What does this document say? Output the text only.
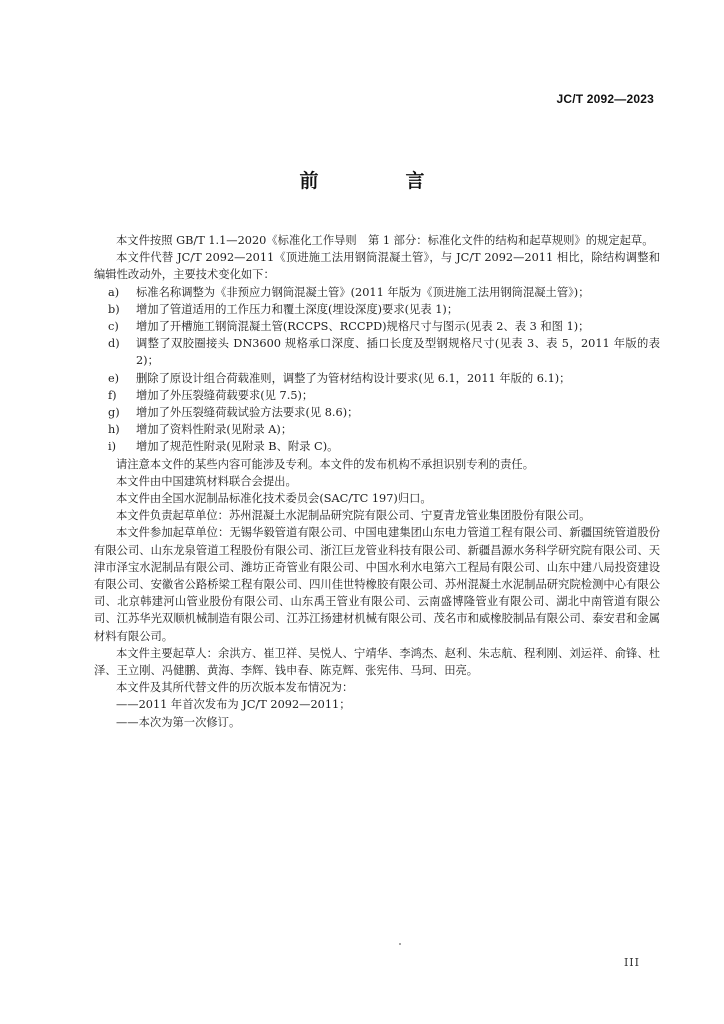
JC/T 2092—2023
前　言

本文件按照 GB/T 1.1—2020《标准化工作导则　第 1 部分：标准化文件的结构和起草规则》的规定起草。

本文件代替 JC/T 2092—2011《顶进施工法用钢筒混凝土管》，与 JC/T 2092—2011 相比，除结构调整和编辑性改动外，主要技术变化如下：

a)	标准名称调整为《非预应力钢筒混凝土管》(2011 年版为《顶进施工法用钢筒混凝土管》)；
b)	增加了管道适用的工作压力和覆土深度(埋设深度)要求(见表 1)；
c)	增加了开槽施工钢筒混凝土管(RCCPS、RCCPD)规格尺寸与图示(见表 2、表 3 和图 1)；
d)	调整了双胶圈接头 DN3600 规格承口深度、插口长度及型钢规格尺寸(见表 3、表 5，2011 年版的表 2)；
e)	删除了原设计组合荷载准则，调整了为管材结构设计要求(见 6.1，2011 年版的 6.1)；
f)	增加了外压裂缝荷载要求(见 7.5)；
g)	增加了外压裂缝荷载试验方法要求(见 8.6)；
h)	增加了资料性附录(见附录 A)；
i)	增加了规范性附录(见附录 B、附录 C)。

请注意本文件的某些内容可能涉及专利。本文件的发布机构不承担识别专利的责任。

本文件由中国建筑材料联合会提出。

本文件由全国水泥制品标准化技术委员会(SAC/TC 197)归口。

本文件负责起草单位：苏州混凝土水泥制品研究院有限公司、宁夏青龙管业集团股份有限公司。

本文件参加起草单位：无锡华毅管道有限公司、中国电建集团山东电力管道工程有限公司、新疆国统管道股份有限公司、山东龙泉管道工程股份有限公司、浙江巨龙管业科技有限公司、新疆昌源水务科学研究院有限公司、天津市泽宝水泥制品有限公司、潍坊正奇管业有限公司、中国水利水电第六工程局有限公司、山东中建八局投资建设有限公司、安徽省公路桥梁工程有限公司、四川佳世特橡胶有限公司、苏州混凝土水泥制品研究院检测中心有限公司、北京韩建河山管业股份有限公司、山东禹王管业有限公司、云南盛博隆管业有限公司、湖北中南管道有限公司、江苏华光双顺机械制造有限公司、江苏江扬建材机械有限公司、茂名市和威橡胶制品有限公司、泰安君和金属材料有限公司。

本文件主要起草人：余洪方、崔卫祥、吴悦人、宁靖华、李鸿杰、赵利、朱志航、程利刚、刘运祥、俞锋、杜泽、王立刚、冯健鹏、黄海、李辉、钱申春、陈克辉、张宪伟、马珂、田亮。

本文件及其所代替文件的历次版本发布情况为：

——2011 年首次发布为 JC/T 2092—2011；

——本次为第一次修订。

III
